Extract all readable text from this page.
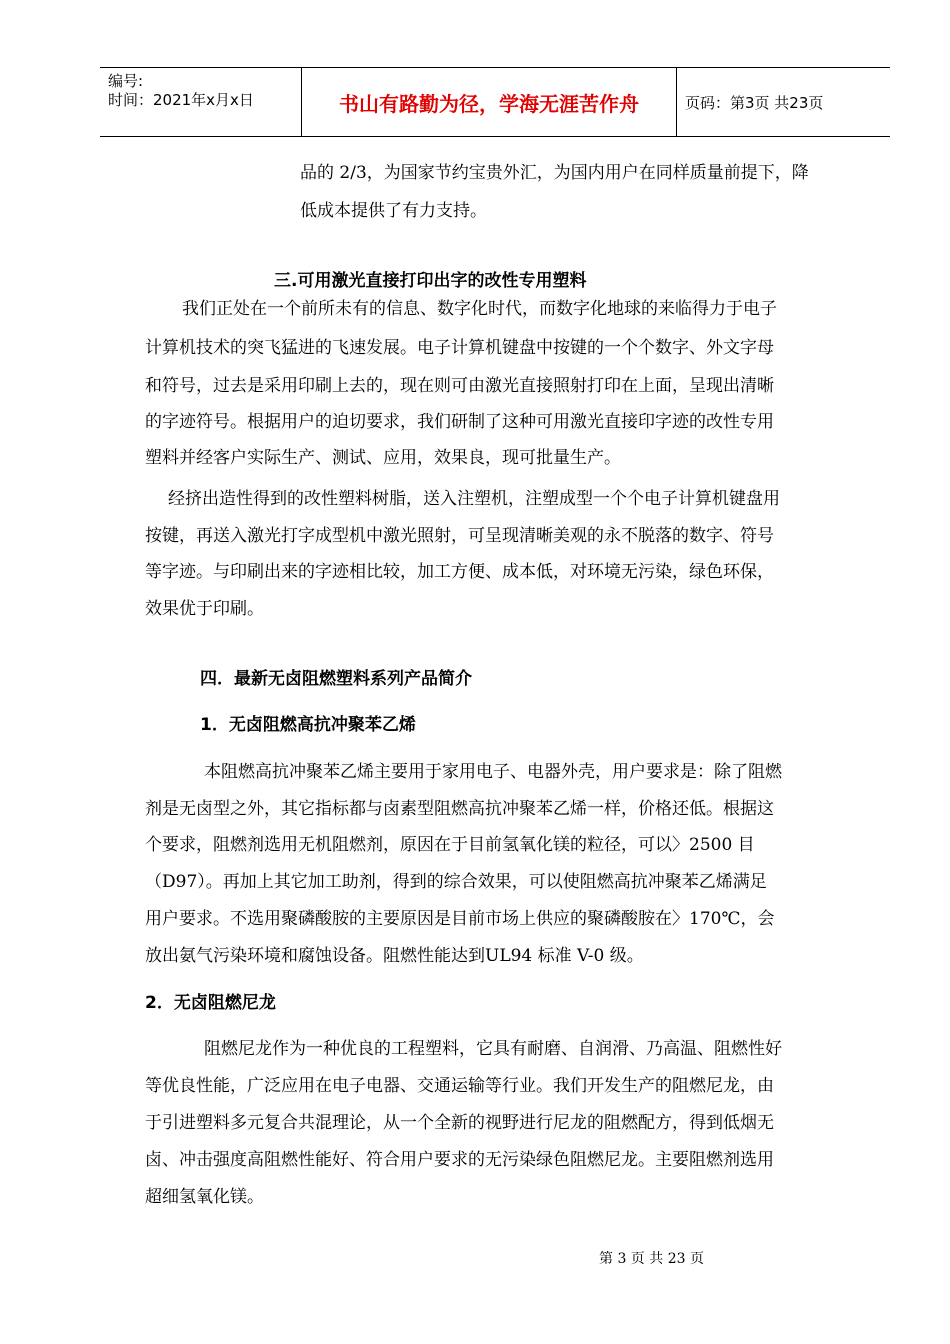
编号:
时间：2021年x月x日	书山有路勤为径，学海无涯苦作舟	页码：第3页 共23页
品的 2/3，为国家节约宝贵外汇，为国内用户在同样质量前提下，降
低成本提供了有力支持。
三.可用激光直接打印出字的改性专用塑料
我们正处在一个前所未有的信息、数字化时代，而数字化地球的来临得力于电子
计算机技术的突飞猛进的飞速发展。电子计算机键盘中按键的一个个数字、外文字母
和符号，过去是采用印刷上去的，现在则可由激光直接照射打印在上面，呈现出清晰
的字迹符号。根据用户的迫切要求，我们研制了这种可用激光直接印字迹的改性专用
塑料并经客户实际生产、测试、应用，效果良，现可批量生产。
经挤出造性得到的改性塑料树脂，送入注塑机，注塑成型一个个电子计算机键盘用
按键，再送入激光打字成型机中激光照射，可呈现清晰美观的永不脱落的数字、符号
等字迹。与印刷出来的字迹相比较，加工方便、成本低，对环境无污染，绿色环保，
效果优于印刷。
四．最新无卤阻燃塑料系列产品简介
1．无卤阻燃高抗冲聚苯乙烯
本阻燃高抗冲聚苯乙烯主要用于家用电子、电器外壳，用户要求是：除了阻燃
剂是无卤型之外，其它指标都与卤素型阻燃高抗冲聚苯乙烯一样，价格还低。根据这
个要求，阻燃剂选用无机阻燃剂，原因在于目前氢氧化镁的粒径，可以〉2500 目
（D97）。再加上其它加工助剂，得到的综合效果，可以使阻燃高抗冲聚苯乙烯满足
用户要求。不选用聚磷酸胺的主要原因是目前市场上供应的聚磷酸胺在〉170℃，会
放出氨气污染环境和腐蚀设备。阻燃性能达到UL94 标准 V-0 级。
2．无卤阻燃尼龙
阻燃尼龙作为一种优良的工程塑料，它具有耐磨、自润滑、乃高温、阻燃性好
等优良性能，广泛应用在电子电器、交通运输等行业。我们开发生产的阻燃尼龙，由
于引进塑料多元复合共混理论，从一个全新的视野进行尼龙的阻燃配方，得到低烟无
卤、冲击强度高阻燃性能好、符合用户要求的无污染绿色阻燃尼龙。主要阻燃剂选用
超细氢氧化镁。
第 3 页 共 23 页
